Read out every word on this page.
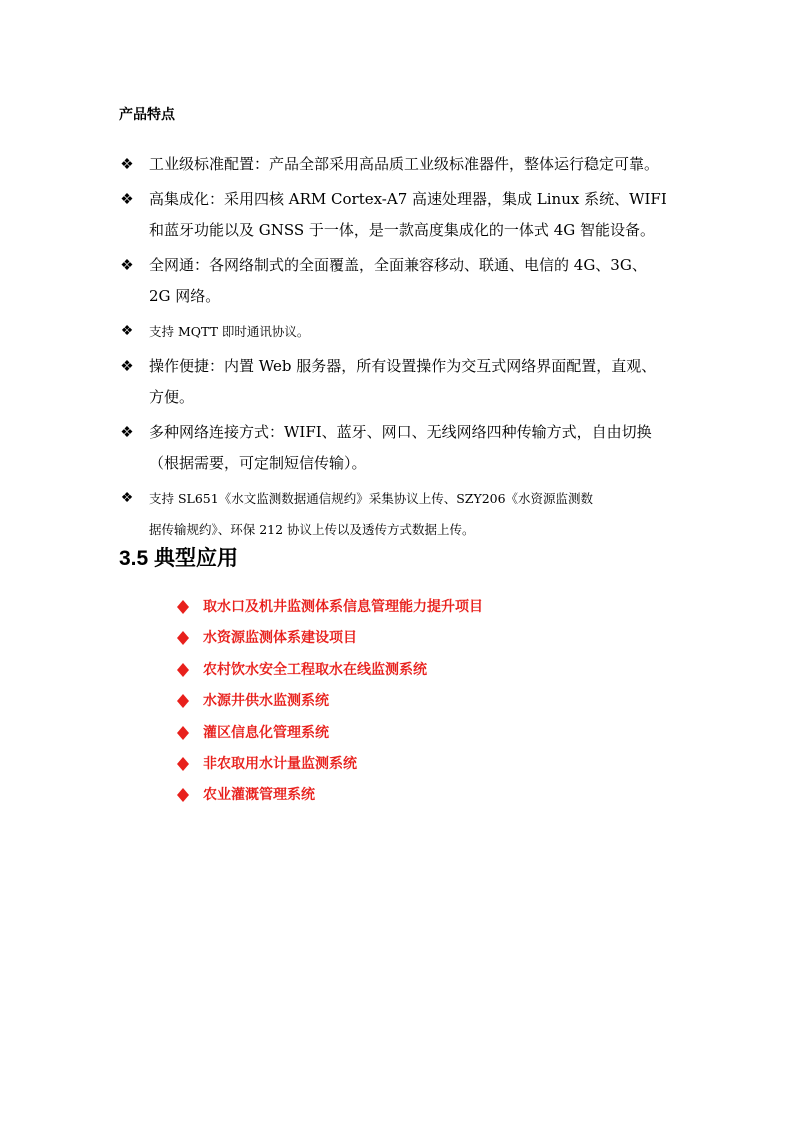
产品特点
❖ 工业级标准配置：产品全部采用高品质工业级标准器件，整体运行稳定可靠。
❖ 高集成化：采用四核 ARM Cortex-A7 高速处理器，集成 Linux 系统、WIFI
和蓝牙功能以及 GNSS 于一体，是一款高度集成化的一体式 4G 智能设备。
❖ 全网通：各网络制式的全面覆盖，全面兼容移动、联通、电信的 4G、3G、
2G 网络。
❖ 支持 MQTT 即时通讯协议。
❖ 操作便捷：内置 Web 服务器，所有设置操作为交互式网络界面配置，直观、
方便。
❖ 多种网络连接方式：WIFI、蓝牙、网口、无线网络四种传输方式，自由切换
（根据需要，可定制短信传输）。
❖ 支持 SL651《水文监测数据通信规约》采集协议上传、SZY206《水资源监测数
据传输规约》、环保 212 协议上传以及透传方式数据上传。
3.5 典型应用
取水口及机井监测体系信息管理能力提升项目
水资源监测体系建设项目
农村饮水安全工程取水在线监测系统
水源井供水监测系统
灌区信息化管理系统
非农取用水计量监测系统
农业灌溉管理系统
